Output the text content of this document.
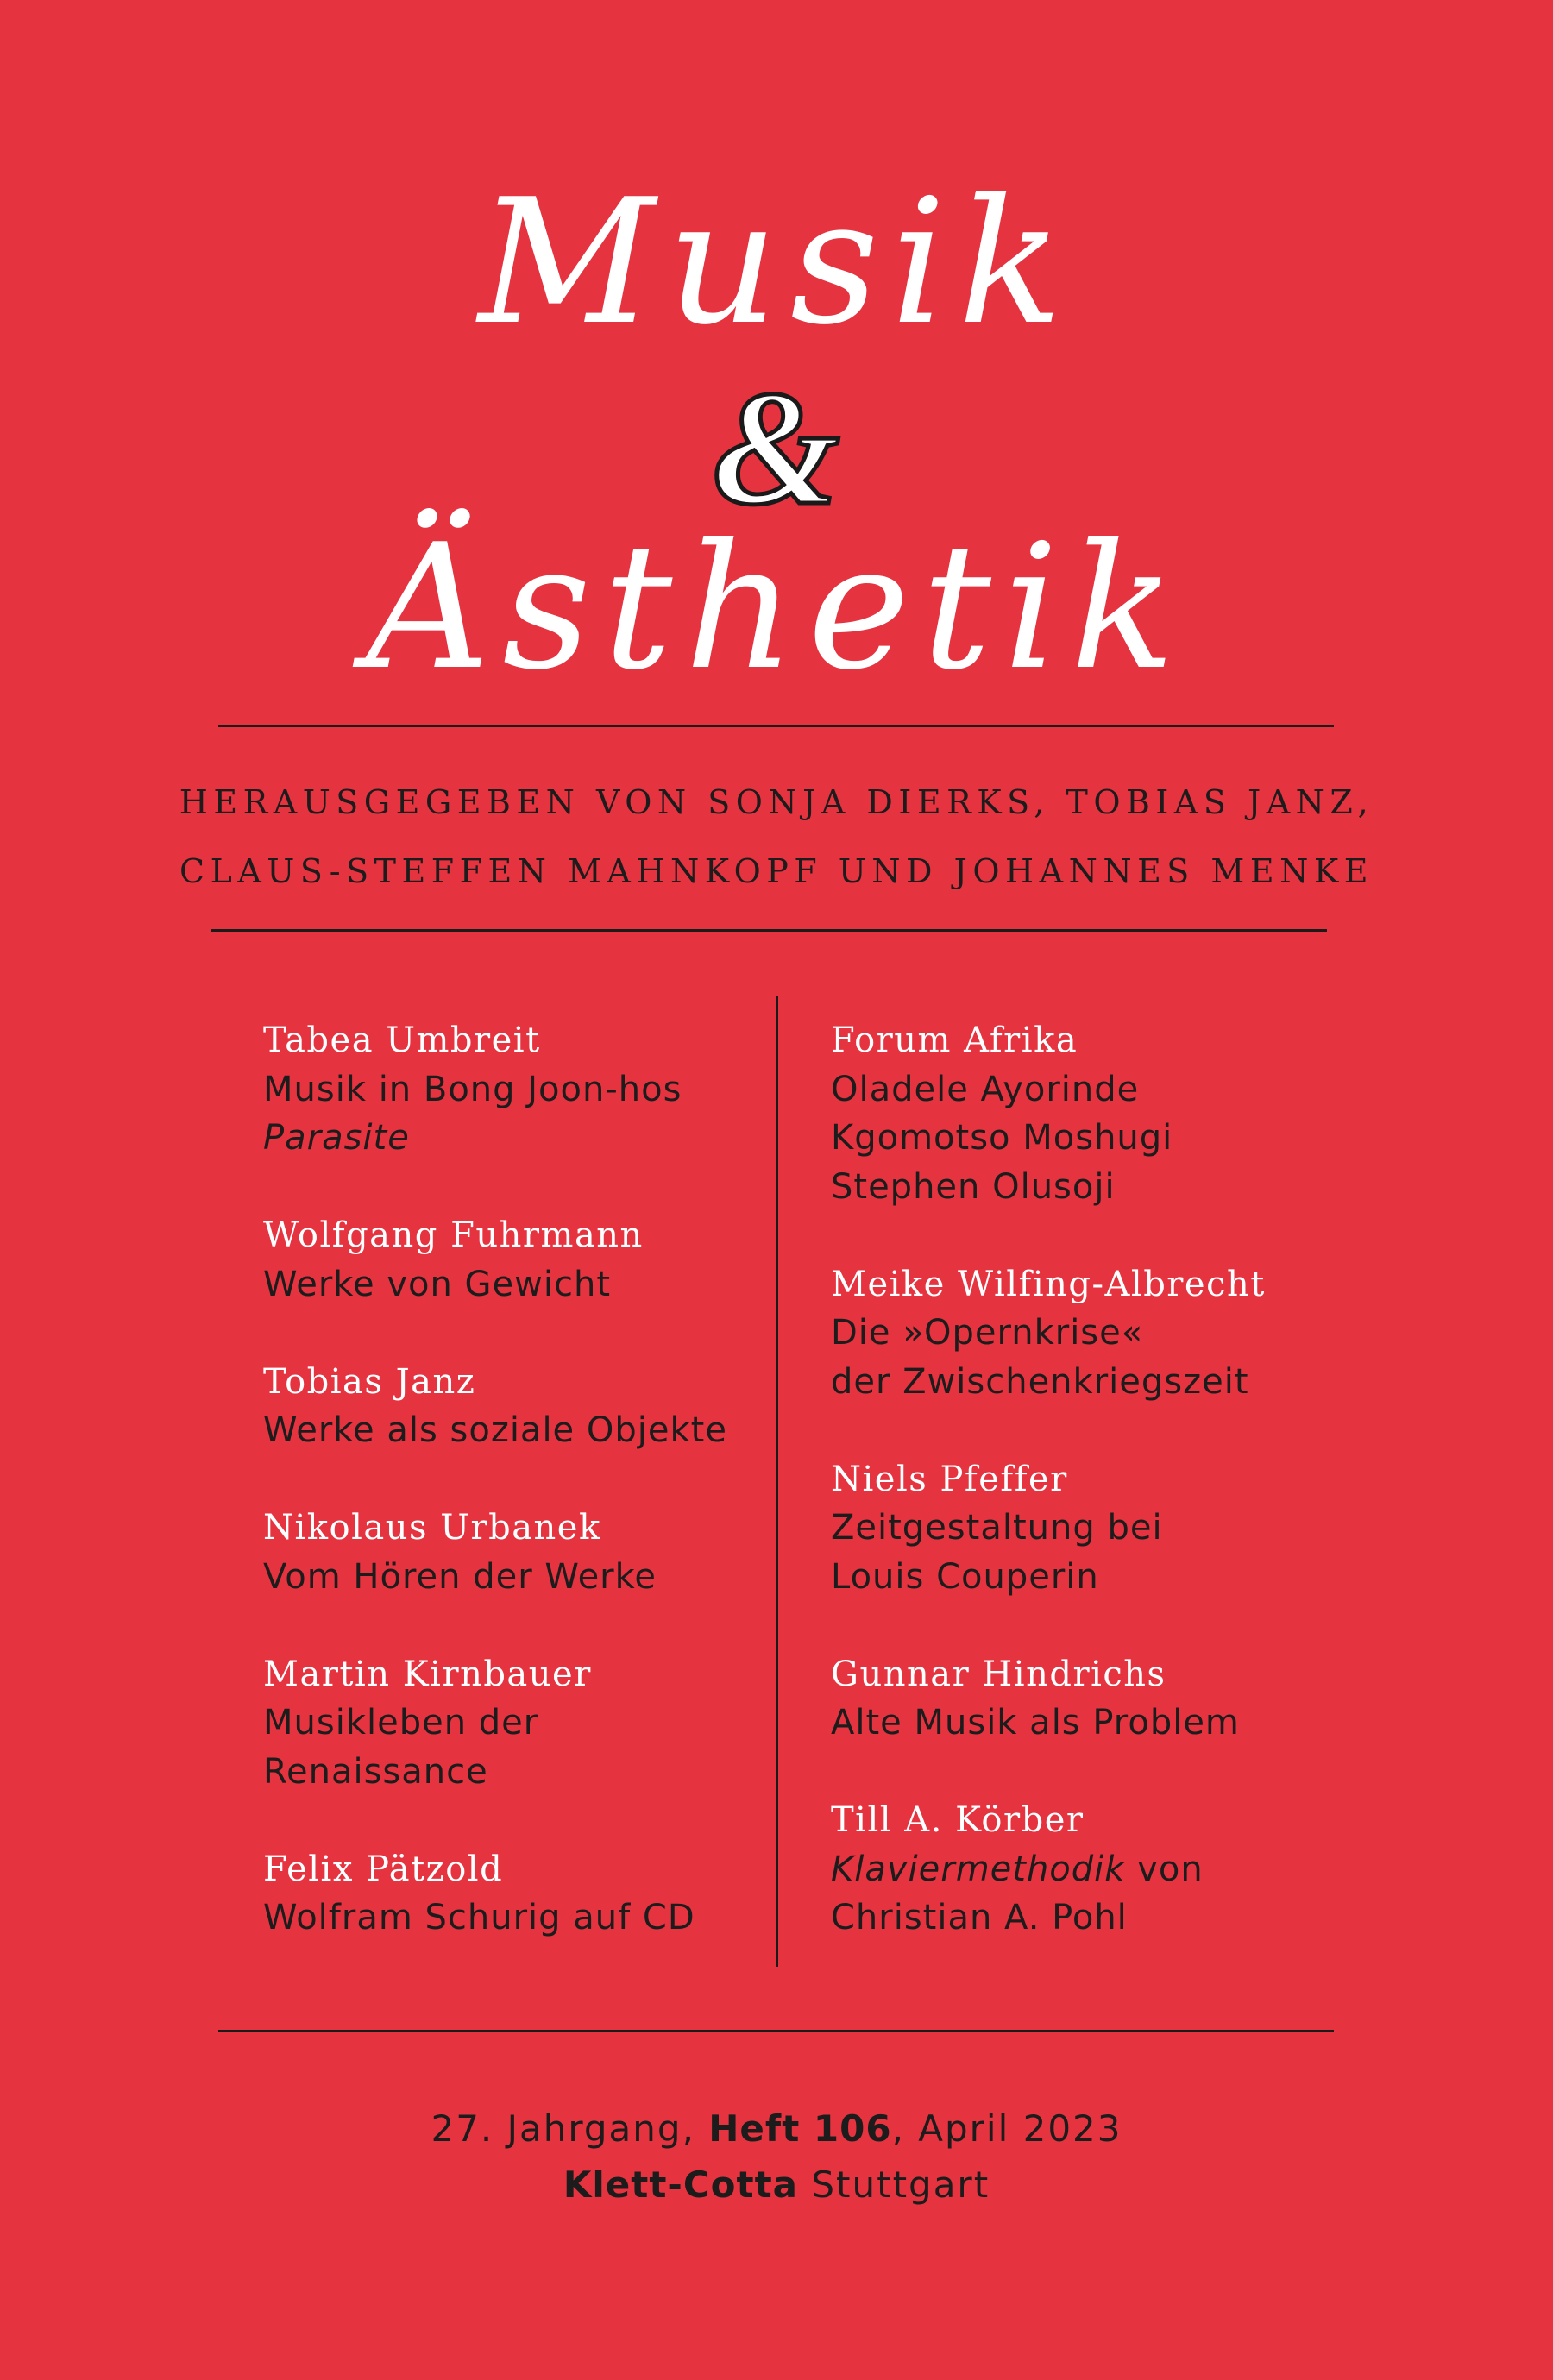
Musik
&
Ästhetik
HERAUSGEGEBEN VON SONJA DIERKS, TOBIAS JANZ,
CLAUS-STEFFEN MAHNKOPF UND JOHANNES MENKE
Tabea Umbreit
Musik in Bong Joon-hos
Parasite
Wolfgang Fuhrmann
Werke von Gewicht
Tobias Janz
Werke als soziale Objekte
Nikolaus Urbanek
Vom Hören der Werke
Martin Kirnbauer
Musikleben der
Renaissance
Felix Pätzold
Wolfram Schurig auf CD
Forum Afrika
Oladele Ayorinde
Kgomotso Moshugi
Stephen Olusoji
Meike Wilfing-Albrecht
Die »Opernkrise«
der Zwischenkriegszeit
Niels Pfeffer
Zeitgestaltung bei
Louis Couperin
Gunnar Hindrichs
Alte Musik als Problem
Till A. Körber
Klaviermethodik von
Christian A. Pohl
27. Jahrgang, Heft 106, April 2023
Klett-Cotta Stuttgart
